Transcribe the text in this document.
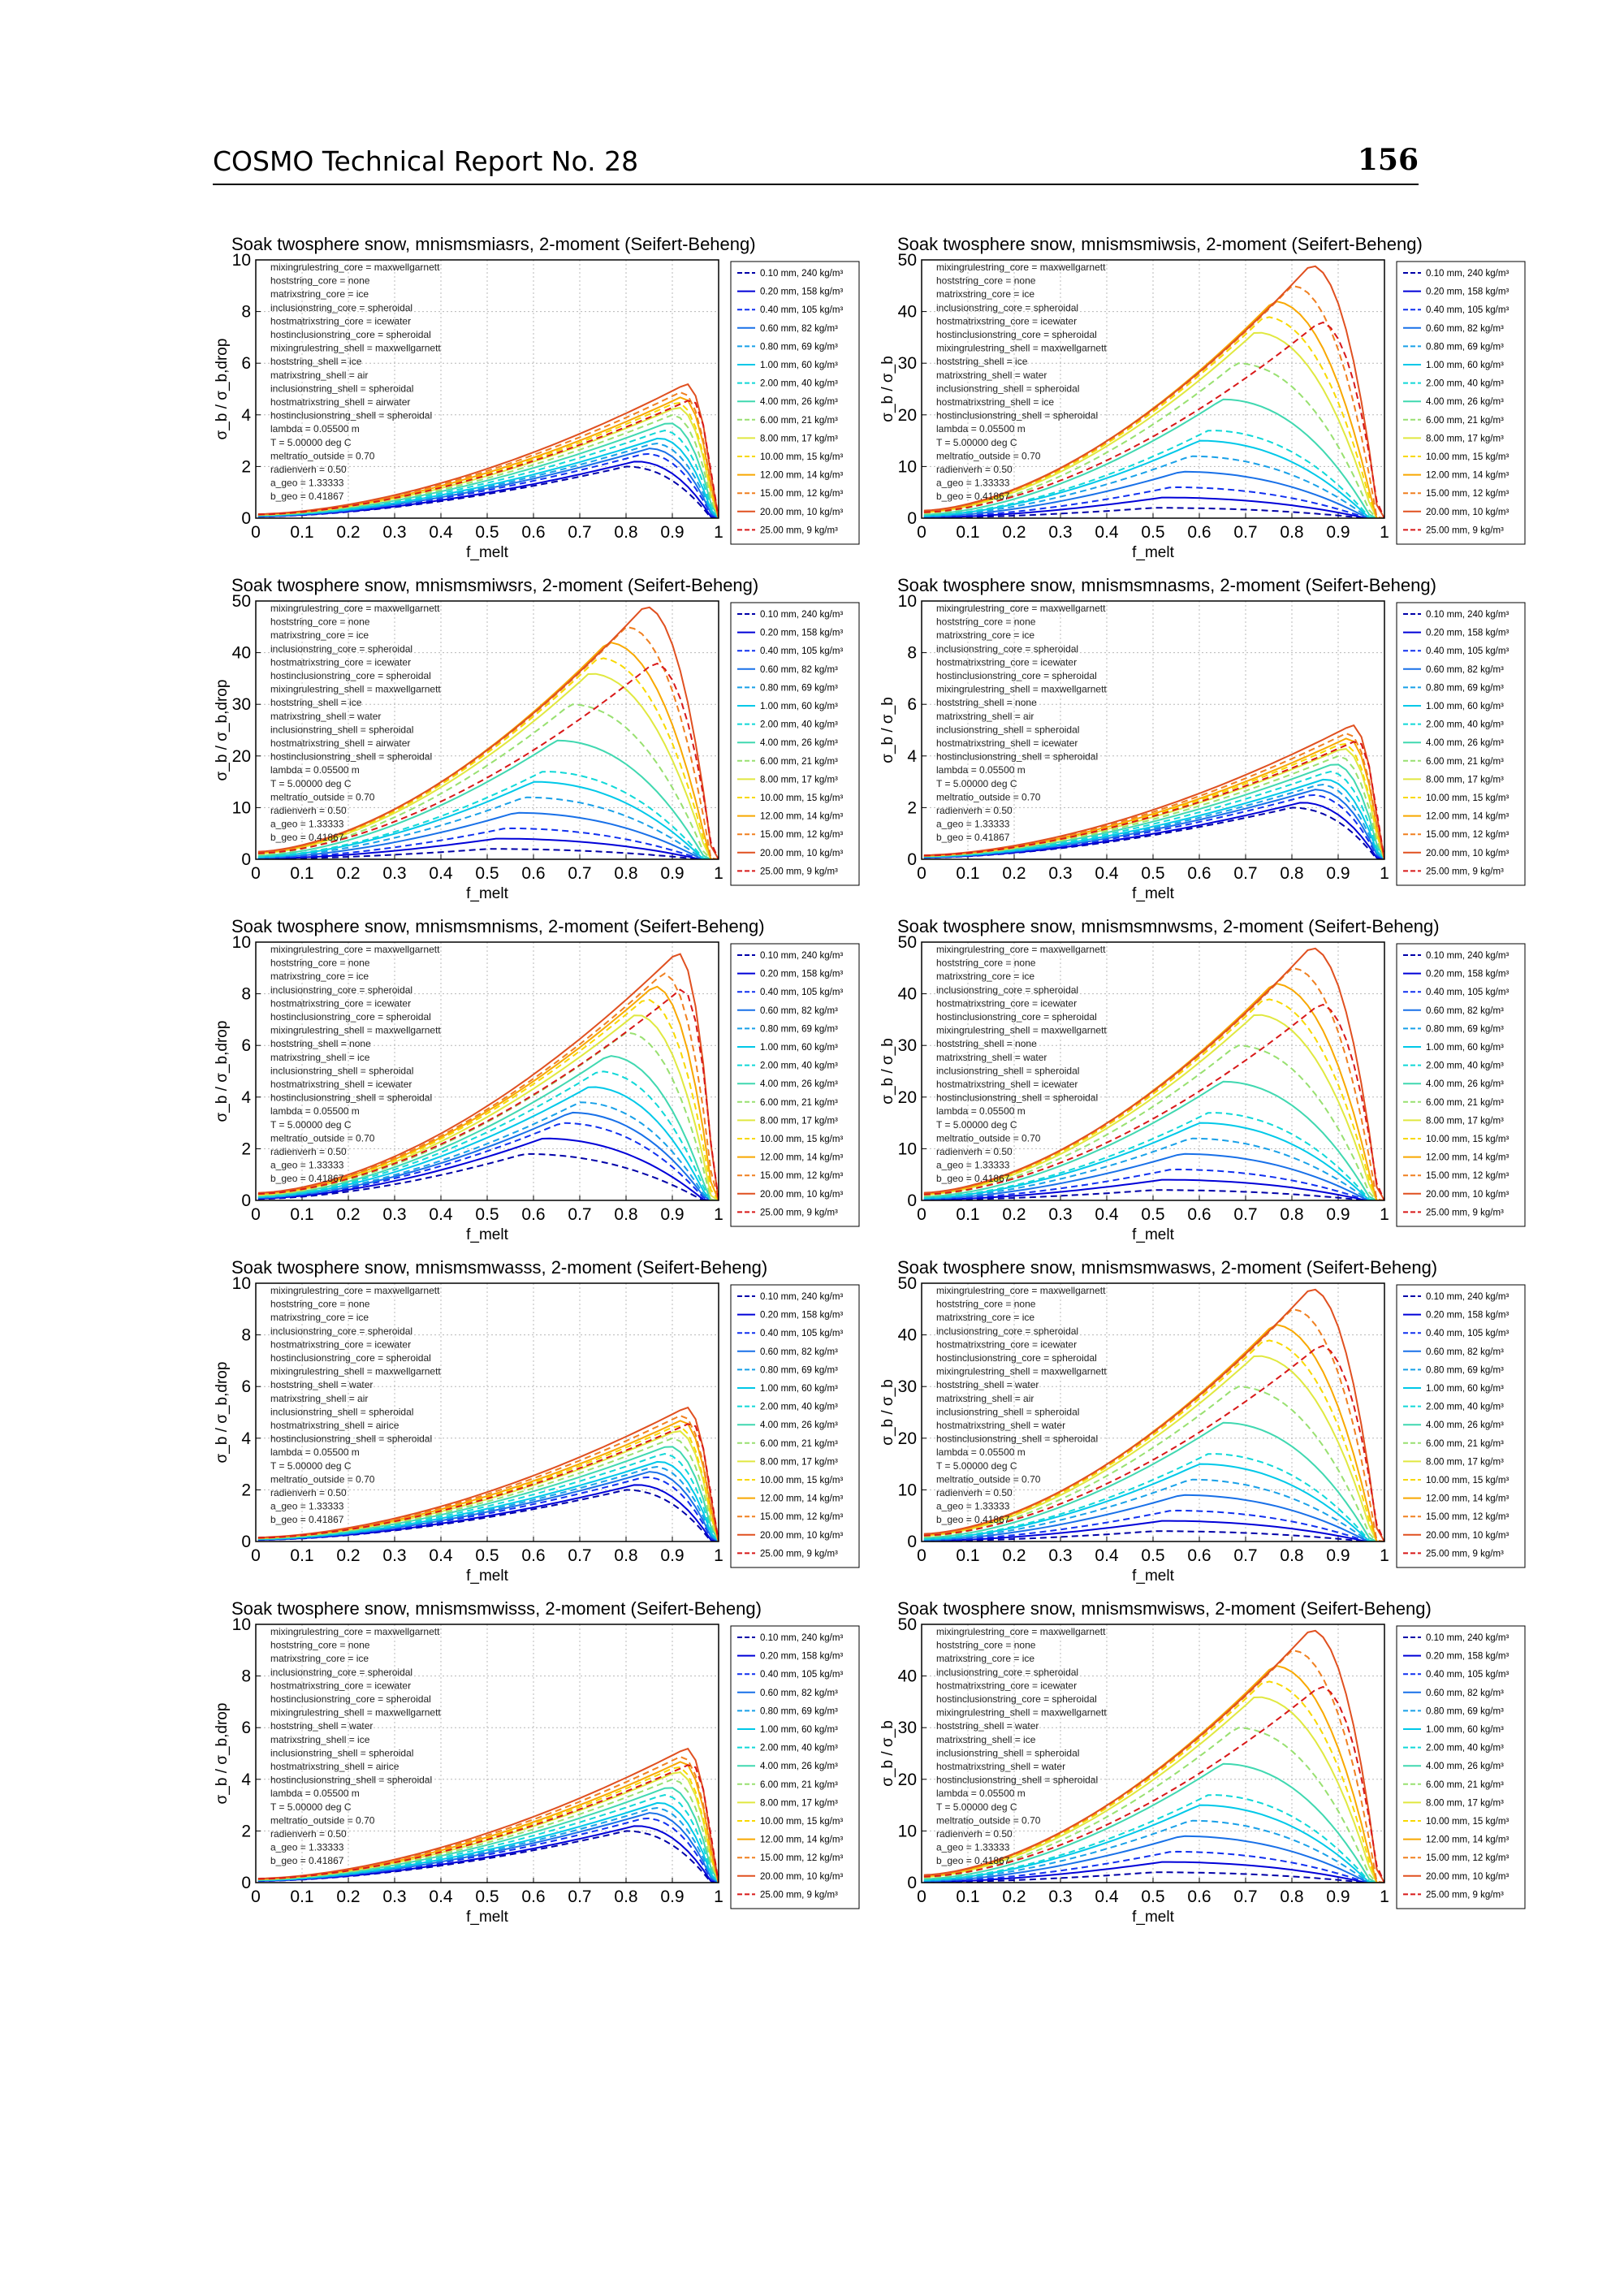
COSMO Technical Report No. 28	156
Soak twosphere snow, mnismsmiasrs, 2-moment (Seifert-Beheng)
0 0.1 0.2 0.3 0.4 0.5 0.6 0.7 0.8 0.9 1
0
2
4
6
8
10
f_melt
σ_b / σ_b,drop
mixingrulestring_core = maxwellgarnett
hoststring_core = none
matrixstring_core = ice
inclusionstring_core = spheroidal
hostmatrixstring_core = icewater
hostinclusionstring_core = spheroidal
mixingrulestring_shell = maxwellgarnett
hoststring_shell = ice
matrixstring_shell = air
inclusionstring_shell = spheroidal
hostmatrixstring_shell = airwater
hostinclusionstring_shell = spheroidal
lambda = 0.05500 m
T = 5.00000 deg C
meltratio_outside = 0.70
radienverh = 0.50
a_geo = 1.33333
b_geo = 0.41867
0.10 mm, 240 kg/m³
0.20 mm, 158 kg/m³
0.40 mm, 105 kg/m³
0.60 mm, 82 kg/m³
0.80 mm, 69 kg/m³
1.00 mm, 60 kg/m³
2.00 mm, 40 kg/m³
4.00 mm, 26 kg/m³
6.00 mm, 21 kg/m³
8.00 mm, 17 kg/m³
10.00 mm, 15 kg/m³
12.00 mm, 14 kg/m³
15.00 mm, 12 kg/m³
20.00 mm, 10 kg/m³
25.00 mm, 9 kg/m³
Soak twosphere snow, mnismsmiwsis, 2-moment (Seifert-Beheng)
0 0.1 0.2 0.3 0.4 0.5 0.6 0.7 0.8 0.9 1
0
10
20
30
40
50
f_melt
σ_b / σ_b
mixingrulestring_core = maxwellgarnett
hoststring_core = none
matrixstring_core = ice
inclusionstring_core = spheroidal
hostmatrixstring_core = icewater
hostinclusionstring_core = spheroidal
mixingrulestring_shell = maxwellgarnett
hoststring_shell = ice
matrixstring_shell = water
inclusionstring_shell = spheroidal
hostmatrixstring_shell = ice
hostinclusionstring_shell = spheroidal
lambda = 0.05500 m
T = 5.00000 deg C
meltratio_outside = 0.70
radienverh = 0.50
a_geo = 1.33333
b_geo = 0.41867
0.10 mm, 240 kg/m³
0.20 mm, 158 kg/m³
0.40 mm, 105 kg/m³
0.60 mm, 82 kg/m³
0.80 mm, 69 kg/m³
1.00 mm, 60 kg/m³
2.00 mm, 40 kg/m³
4.00 mm, 26 kg/m³
6.00 mm, 21 kg/m³
8.00 mm, 17 kg/m³
10.00 mm, 15 kg/m³
12.00 mm, 14 kg/m³
15.00 mm, 12 kg/m³
20.00 mm, 10 kg/m³
25.00 mm, 9 kg/m³
Soak twosphere snow, mnismsmiwsrs, 2-moment (Seifert-Beheng)
0 0.1 0.2 0.3 0.4 0.5 0.6 0.7 0.8 0.9 1
0
10
20
30
40
50
f_melt
σ_b / σ_b,drop
mixingrulestring_core = maxwellgarnett
hoststring_core = none
matrixstring_core = ice
inclusionstring_core = spheroidal
hostmatrixstring_core = icewater
hostinclusionstring_core = spheroidal
mixingrulestring_shell = maxwellgarnett
hoststring_shell = ice
matrixstring_shell = water
inclusionstring_shell = spheroidal
hostmatrixstring_shell = airwater
hostinclusionstring_shell = spheroidal
lambda = 0.05500 m
T = 5.00000 deg C
meltratio_outside = 0.70
radienverh = 0.50
a_geo = 1.33333
b_geo = 0.41867
0.10 mm, 240 kg/m³
0.20 mm, 158 kg/m³
0.40 mm, 105 kg/m³
0.60 mm, 82 kg/m³
0.80 mm, 69 kg/m³
1.00 mm, 60 kg/m³
2.00 mm, 40 kg/m³
4.00 mm, 26 kg/m³
6.00 mm, 21 kg/m³
8.00 mm, 17 kg/m³
10.00 mm, 15 kg/m³
12.00 mm, 14 kg/m³
15.00 mm, 12 kg/m³
20.00 mm, 10 kg/m³
25.00 mm, 9 kg/m³
Soak twosphere snow, mnismsmnasms, 2-moment (Seifert-Beheng)
0 0.1 0.2 0.3 0.4 0.5 0.6 0.7 0.8 0.9 1
0
2
4
6
8
10
f_melt
σ_b / σ_b
mixingrulestring_core = maxwellgarnett
hoststring_core = none
matrixstring_core = ice
inclusionstring_core = spheroidal
hostmatrixstring_core = icewater
hostinclusionstring_core = spheroidal
mixingrulestring_shell = maxwellgarnett
hoststring_shell = none
matrixstring_shell = air
inclusionstring_shell = spheroidal
hostmatrixstring_shell = icewater
hostinclusionstring_shell = spheroidal
lambda = 0.05500 m
T = 5.00000 deg C
meltratio_outside = 0.70
radienverh = 0.50
a_geo = 1.33333
b_geo = 0.41867
0.10 mm, 240 kg/m³
0.20 mm, 158 kg/m³
0.40 mm, 105 kg/m³
0.60 mm, 82 kg/m³
0.80 mm, 69 kg/m³
1.00 mm, 60 kg/m³
2.00 mm, 40 kg/m³
4.00 mm, 26 kg/m³
6.00 mm, 21 kg/m³
8.00 mm, 17 kg/m³
10.00 mm, 15 kg/m³
12.00 mm, 14 kg/m³
15.00 mm, 12 kg/m³
20.00 mm, 10 kg/m³
25.00 mm, 9 kg/m³
Soak twosphere snow, mnismsmnisms, 2-moment (Seifert-Beheng)
0 0.1 0.2 0.3 0.4 0.5 0.6 0.7 0.8 0.9 1
0
2
4
6
8
10
f_melt
σ_b / σ_b,drop
mixingrulestring_core = maxwellgarnett
hoststring_core = none
matrixstring_core = ice
inclusionstring_core = spheroidal
hostmatrixstring_core = icewater
hostinclusionstring_core = spheroidal
mixingrulestring_shell = maxwellgarnett
hoststring_shell = none
matrixstring_shell = ice
inclusionstring_shell = spheroidal
hostmatrixstring_shell = icewater
hostinclusionstring_shell = spheroidal
lambda = 0.05500 m
T = 5.00000 deg C
meltratio_outside = 0.70
radienverh = 0.50
a_geo = 1.33333
b_geo = 0.41867
0.10 mm, 240 kg/m³
0.20 mm, 158 kg/m³
0.40 mm, 105 kg/m³
0.60 mm, 82 kg/m³
0.80 mm, 69 kg/m³
1.00 mm, 60 kg/m³
2.00 mm, 40 kg/m³
4.00 mm, 26 kg/m³
6.00 mm, 21 kg/m³
8.00 mm, 17 kg/m³
10.00 mm, 15 kg/m³
12.00 mm, 14 kg/m³
15.00 mm, 12 kg/m³
20.00 mm, 10 kg/m³
25.00 mm, 9 kg/m³
Soak twosphere snow, mnismsmnwsms, 2-moment (Seifert-Beheng)
0 0.1 0.2 0.3 0.4 0.5 0.6 0.7 0.8 0.9 1
0
10
20
30
40
50
f_melt
σ_b / σ_b
mixingrulestring_core = maxwellgarnett
hoststring_core = none
matrixstring_core = ice
inclusionstring_core = spheroidal
hostmatrixstring_core = icewater
hostinclusionstring_core = spheroidal
mixingrulestring_shell = maxwellgarnett
hoststring_shell = none
matrixstring_shell = water
inclusionstring_shell = spheroidal
hostmatrixstring_shell = icewater
hostinclusionstring_shell = spheroidal
lambda = 0.05500 m
T = 5.00000 deg C
meltratio_outside = 0.70
radienverh = 0.50
a_geo = 1.33333
b_geo = 0.41867
0.10 mm, 240 kg/m³
0.20 mm, 158 kg/m³
0.40 mm, 105 kg/m³
0.60 mm, 82 kg/m³
0.80 mm, 69 kg/m³
1.00 mm, 60 kg/m³
2.00 mm, 40 kg/m³
4.00 mm, 26 kg/m³
6.00 mm, 21 kg/m³
8.00 mm, 17 kg/m³
10.00 mm, 15 kg/m³
12.00 mm, 14 kg/m³
15.00 mm, 12 kg/m³
20.00 mm, 10 kg/m³
25.00 mm, 9 kg/m³
Soak twosphere snow, mnismsmwasss, 2-moment (Seifert-Beheng)
0 0.1 0.2 0.3 0.4 0.5 0.6 0.7 0.8 0.9 1
0
2
4
6
8
10
f_melt
σ_b / σ_b,drop
mixingrulestring_core = maxwellgarnett
hoststring_core = none
matrixstring_core = ice
inclusionstring_core = spheroidal
hostmatrixstring_core = icewater
hostinclusionstring_core = spheroidal
mixingrulestring_shell = maxwellgarnett
hoststring_shell = water
matrixstring_shell = air
inclusionstring_shell = spheroidal
hostmatrixstring_shell = airice
hostinclusionstring_shell = spheroidal
lambda = 0.05500 m
T = 5.00000 deg C
meltratio_outside = 0.70
radienverh = 0.50
a_geo = 1.33333
b_geo = 0.41867
0.10 mm, 240 kg/m³
0.20 mm, 158 kg/m³
0.40 mm, 105 kg/m³
0.60 mm, 82 kg/m³
0.80 mm, 69 kg/m³
1.00 mm, 60 kg/m³
2.00 mm, 40 kg/m³
4.00 mm, 26 kg/m³
6.00 mm, 21 kg/m³
8.00 mm, 17 kg/m³
10.00 mm, 15 kg/m³
12.00 mm, 14 kg/m³
15.00 mm, 12 kg/m³
20.00 mm, 10 kg/m³
25.00 mm, 9 kg/m³
Soak twosphere snow, mnismsmwasws, 2-moment (Seifert-Beheng)
0 0.1 0.2 0.3 0.4 0.5 0.6 0.7 0.8 0.9 1
0
10
20
30
40
50
f_melt
σ_b / σ_b
mixingrulestring_core = maxwellgarnett
hoststring_core = none
matrixstring_core = ice
inclusionstring_core = spheroidal
hostmatrixstring_core = icewater
hostinclusionstring_core = spheroidal
mixingrulestring_shell = maxwellgarnett
hoststring_shell = water
matrixstring_shell = air
inclusionstring_shell = spheroidal
hostmatrixstring_shell = water
hostinclusionstring_shell = spheroidal
lambda = 0.05500 m
T = 5.00000 deg C
meltratio_outside = 0.70
radienverh = 0.50
a_geo = 1.33333
b_geo = 0.41867
0.10 mm, 240 kg/m³
0.20 mm, 158 kg/m³
0.40 mm, 105 kg/m³
0.60 mm, 82 kg/m³
0.80 mm, 69 kg/m³
1.00 mm, 60 kg/m³
2.00 mm, 40 kg/m³
4.00 mm, 26 kg/m³
6.00 mm, 21 kg/m³
8.00 mm, 17 kg/m³
10.00 mm, 15 kg/m³
12.00 mm, 14 kg/m³
15.00 mm, 12 kg/m³
20.00 mm, 10 kg/m³
25.00 mm, 9 kg/m³
Soak twosphere snow, mnismsmwisss, 2-moment (Seifert-Beheng)
0 0.1 0.2 0.3 0.4 0.5 0.6 0.7 0.8 0.9 1
0
2
4
6
8
10
f_melt
σ_b / σ_b,drop
mixingrulestring_core = maxwellgarnett
hoststring_core = none
matrixstring_core = ice
inclusionstring_core = spheroidal
hostmatrixstring_core = icewater
hostinclusionstring_core = spheroidal
mixingrulestring_shell = maxwellgarnett
hoststring_shell = water
matrixstring_shell = ice
inclusionstring_shell = spheroidal
hostmatrixstring_shell = airice
hostinclusionstring_shell = spheroidal
lambda = 0.05500 m
T = 5.00000 deg C
meltratio_outside = 0.70
radienverh = 0.50
a_geo = 1.33333
b_geo = 0.41867
0.10 mm, 240 kg/m³
0.20 mm, 158 kg/m³
0.40 mm, 105 kg/m³
0.60 mm, 82 kg/m³
0.80 mm, 69 kg/m³
1.00 mm, 60 kg/m³
2.00 mm, 40 kg/m³
4.00 mm, 26 kg/m³
6.00 mm, 21 kg/m³
8.00 mm, 17 kg/m³
10.00 mm, 15 kg/m³
12.00 mm, 14 kg/m³
15.00 mm, 12 kg/m³
20.00 mm, 10 kg/m³
25.00 mm, 9 kg/m³
Soak twosphere snow, mnismsmwisws, 2-moment (Seifert-Beheng)
0 0.1 0.2 0.3 0.4 0.5 0.6 0.7 0.8 0.9 1
0
10
20
30
40
50
f_melt
σ_b / σ_b
mixingrulestring_core = maxwellgarnett
hoststring_core = none
matrixstring_core = ice
inclusionstring_core = spheroidal
hostmatrixstring_core = icewater
hostinclusionstring_core = spheroidal
mixingrulestring_shell = maxwellgarnett
hoststring_shell = water
matrixstring_shell = ice
inclusionstring_shell = spheroidal
hostmatrixstring_shell = water
hostinclusionstring_shell = spheroidal
lambda = 0.05500 m
T = 5.00000 deg C
meltratio_outside = 0.70
radienverh = 0.50
a_geo = 1.33333
b_geo = 0.41867
0.10 mm, 240 kg/m³
0.20 mm, 158 kg/m³
0.40 mm, 105 kg/m³
0.60 mm, 82 kg/m³
0.80 mm, 69 kg/m³
1.00 mm, 60 kg/m³
2.00 mm, 40 kg/m³
4.00 mm, 26 kg/m³
6.00 mm, 21 kg/m³
8.00 mm, 17 kg/m³
10.00 mm, 15 kg/m³
12.00 mm, 14 kg/m³
15.00 mm, 12 kg/m³
20.00 mm, 10 kg/m³
25.00 mm, 9 kg/m³
